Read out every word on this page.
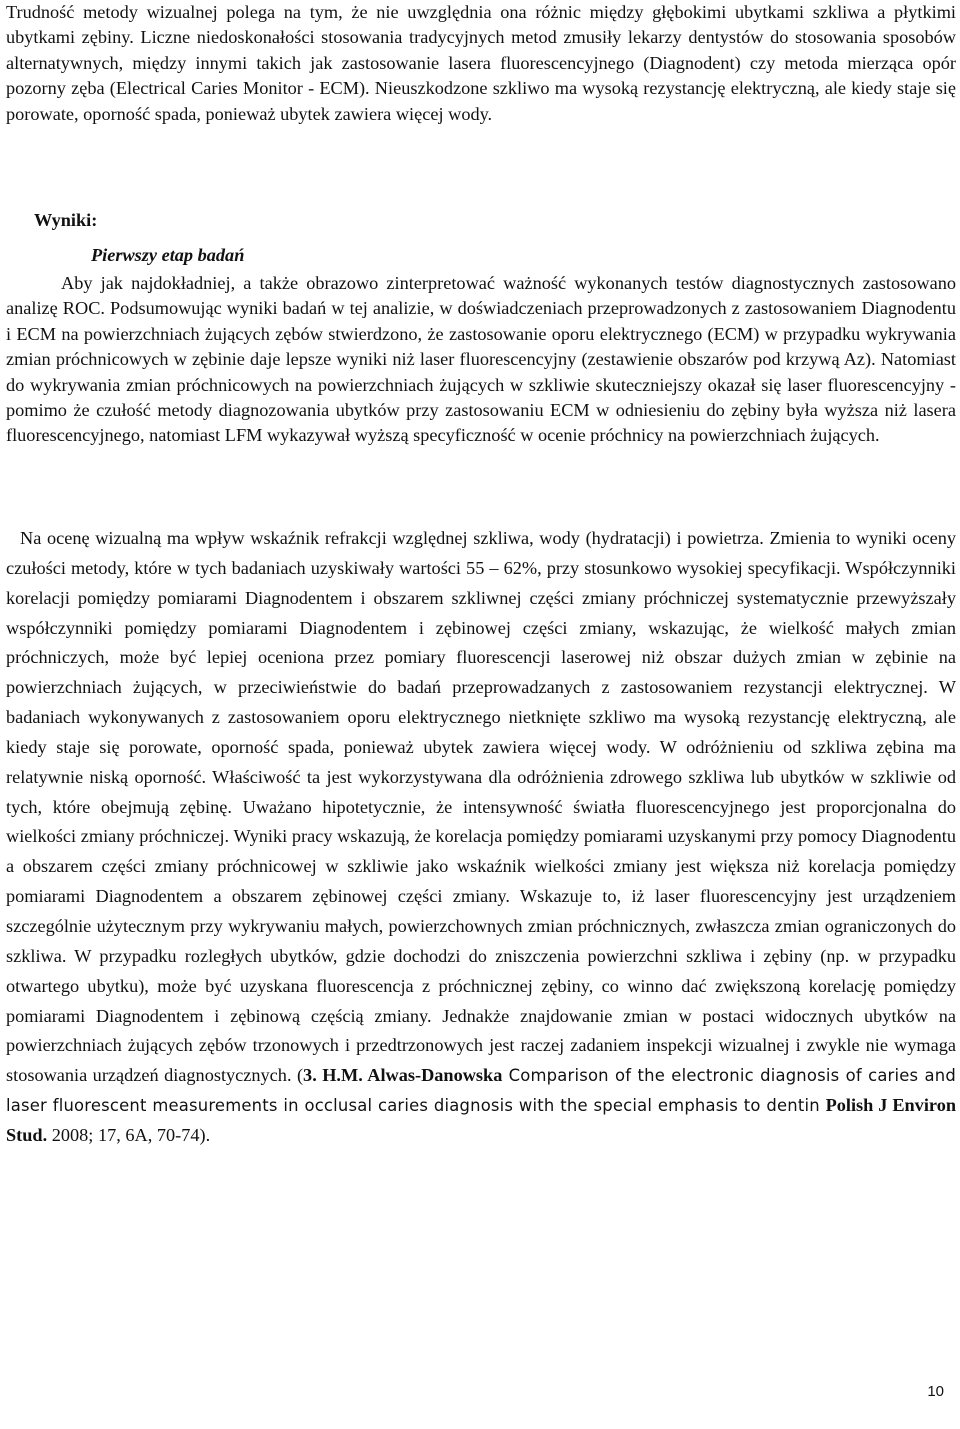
Trudność metody wizualnej polega na tym, że nie uwzględnia ona różnic między głębokimi ubytkami szkliwa a płytkimi ubytkami zębiny. Liczne niedoskonałości stosowania tradycyjnych metod zmusiły lekarzy dentystów do stosowania sposobów alternatywnych, między innymi takich jak zastosowanie lasera fluorescencyjnego (Diagnodent) czy metoda mierząca opór pozorny zęba (Electrical Caries Monitor - ECM). Nieuszkodzone szkliwo ma wysoką rezystancję elektryczną, ale kiedy staje się porowate, oporność spada, ponieważ ubytek zawiera więcej wody.

Wyniki:

Pierwszy etap badań

Aby jak najdokładniej, a także obrazowo zinterpretować ważność wykonanych testów diagnostycznych zastosowano analizę ROC. Podsumowując wyniki badań w tej analizie, w doświadczeniach przeprowadzonych z zastosowaniem Diagnodentu i ECM na powierzchniach żujących zębów stwierdzono, że zastosowanie oporu elektrycznego (ECM) w przypadku wykrywania zmian próchnicowych w zębinie daje lepsze wyniki niż laser fluorescencyjny (zestawienie obszarów pod krzywą Az). Natomiast do wykrywania zmian próchnicowych na powierzchniach żujących w szkliwie skuteczniejszy okazał się laser fluorescencyjny - pomimo że czułość metody diagnozowania ubytków przy zastosowaniu ECM w odniesieniu do zębiny była wyższa niż lasera fluorescencyjnego, natomiast LFM wykazywał wyższą specyficzność w ocenie próchnicy na powierzchniach żujących.

Na ocenę wizualną ma wpływ wskaźnik refrakcji względnej szkliwa, wody (hydratacji) i powietrza. Zmienia to wyniki oceny czułości metody, które w tych badaniach uzyskiwały wartości 55 – 62%, przy stosunkowo wysokiej specyfikacji. Współczynniki korelacji pomiędzy pomiarami Diagnodentem i obszarem szkliwnej części zmiany próchniczej systematycznie przewyższały współczynniki pomiędzy pomiarami Diagnodentem i zębinowej części zmiany, wskazując, że wielkość małych zmian próchniczych, może być lepiej oceniona przez pomiary fluorescencji laserowej niż obszar dużych zmian w zębinie na powierzchniach żujących, w przeciwieństwie do badań przeprowadzanych z zastosowaniem rezystancji elektrycznej. W badaniach wykonywanych z zastosowaniem oporu elektrycznego nietknięte szkliwo ma wysoką rezystancję elektryczną, ale kiedy staje się porowate, oporność spada, ponieważ ubytek zawiera więcej wody. W odróżnieniu od szkliwa zębina ma relatywnie niską oporność. Właściwość ta jest wykorzystywana dla odróżnienia zdrowego szkliwa lub ubytków w szkliwie od tych, które obejmują zębinę. Uważano hipotetycznie, że intensywność światła fluorescencyjnego jest proporcjonalna do wielkości zmiany próchniczej. Wyniki pracy wskazują, że korelacja pomiędzy pomiarami uzyskanymi przy pomocy Diagnodentu a obszarem części zmiany próchnicowej w szkliwie jako wskaźnik wielkości zmiany jest większa niż korelacja pomiędzy pomiarami Diagnodentem a obszarem zębinowej części zmiany. Wskazuje to, iż laser fluorescencyjny jest urządzeniem szczególnie użytecznym przy wykrywaniu małych, powierzchownych zmian próchnicznych, zwłaszcza zmian ograniczonych do szkliwa. W przypadku rozległych ubytków, gdzie dochodzi do zniszczenia powierzchni szkliwa i zębiny (np. w przypadku otwartego ubytku), może być uzyskana fluorescencja z próchnicznej zębiny, co winno dać zwiększoną korelację pomiędzy pomiarami Diagnodentem i zębinową częścią zmiany. Jednakże znajdowanie zmian w postaci widocznych ubytków na powierzchniach żujących zębów trzonowych i przedtrzonowych jest raczej zadaniem inspekcji wizualnej i zwykle nie wymaga stosowania urządzeń diagnostycznych. (3. H.M. Alwas-Danowska Comparison of the electronic diagnosis of caries and laser fluorescent measurements in occlusal caries diagnosis with the special emphasis to dentin Polish J Environ Stud. 2008; 17, 6A, 70-74).

10
